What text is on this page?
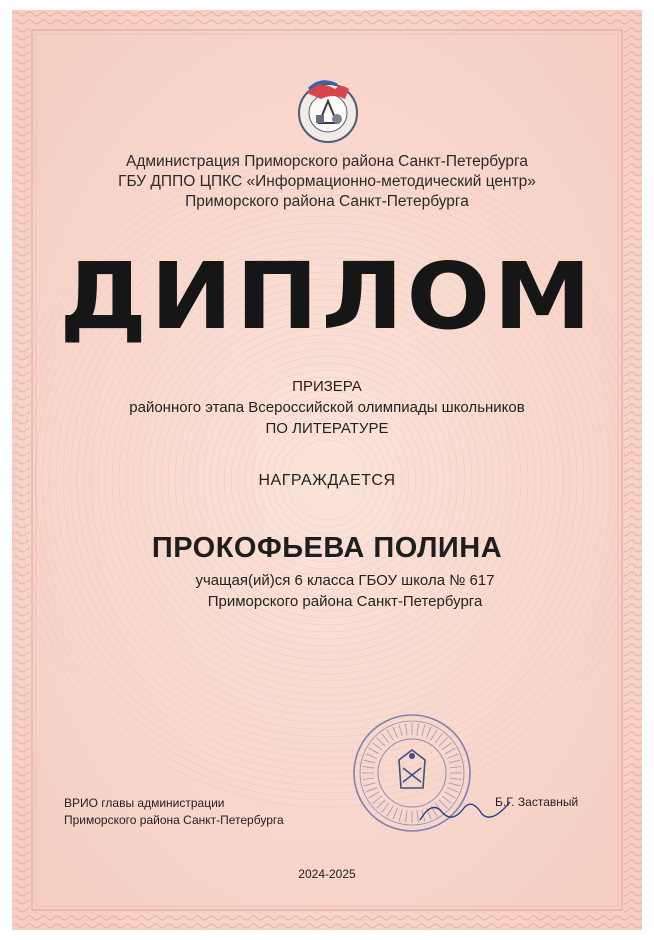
Администрация Приморского района Санкт-Петербурга
ГБУ ДППО ЦПКС «Информационно-методический центр»
Приморского района Санкт-Петербурга
ДИПЛОМ
ПРИЗЕРА
районного этапа Всероссийской олимпиады школьников
ПО ЛИТЕРАТУРЕ
НАГРАЖДАЕТСЯ
ПРОКОФЬЕВА ПОЛИНА
учащая(ий)ся 6 класса ГБОУ школа № 617
Приморского района Санкт-Петербурга
ВРИО главы администрации
Приморского района Санкт-Петербурга
Б.Г. Заставный
2024-2025
